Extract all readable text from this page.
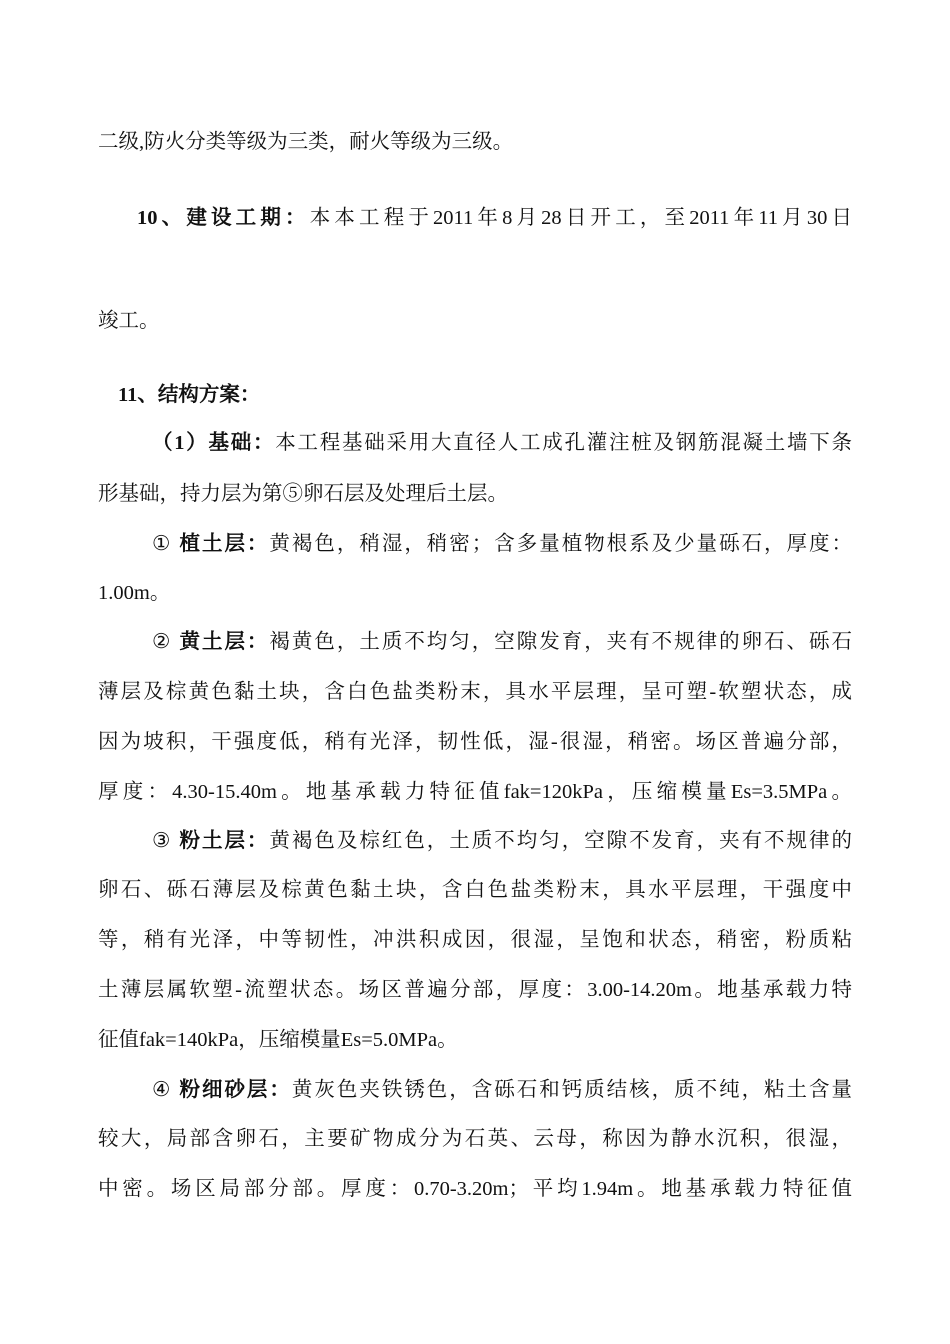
二级,防火分类等级为三类，耐火等级为三级。
10、建设工期：本本工程于2011年8月28日开工，至2011年11月30日
竣工。
11、结构方案：
（1）基础：本工程基础采用大直径人工成孔灌注桩及钢筋混凝土墙下条
形基础，持力层为第⑤卵石层及处理后土层。
① 植土层：黄褐色，稍湿，稍密；含多量植物根系及少量砾石，厚度：
1.00m。
② 黄土层：褐黄色，土质不均匀，空隙发育，夹有不规律的卵石、砾石
薄层及棕黄色黏土块，含白色盐类粉末，具水平层理，呈可塑-软塑状态，成
因为坡积，干强度低，稍有光泽，韧性低，湿-很湿，稍密。场区普遍分部，
厚度：4.30-15.40m。地基承载力特征值fak=120kPa，压缩模量Es=3.5MPa。
③ 粉土层：黄褐色及棕红色，土质不均匀，空隙不发育，夹有不规律的
卵石、砾石薄层及棕黄色黏土块，含白色盐类粉末，具水平层理，干强度中
等，稍有光泽，中等韧性，冲洪积成因，很湿，呈饱和状态，稍密，粉质粘
土薄层属软塑-流塑状态。场区普遍分部，厚度：3.00-14.20m。地基承载力特
征值fak=140kPa，压缩模量Es=5.0MPa。
④ 粉细砂层：黄灰色夹铁锈色，含砾石和钙质结核，质不纯，粘土含量
较大，局部含卵石，主要矿物成分为石英、云母，称因为静水沉积，很湿，
中密。场区局部分部。厚度：0.70-3.20m；平均1.94m。地基承载力特征值
